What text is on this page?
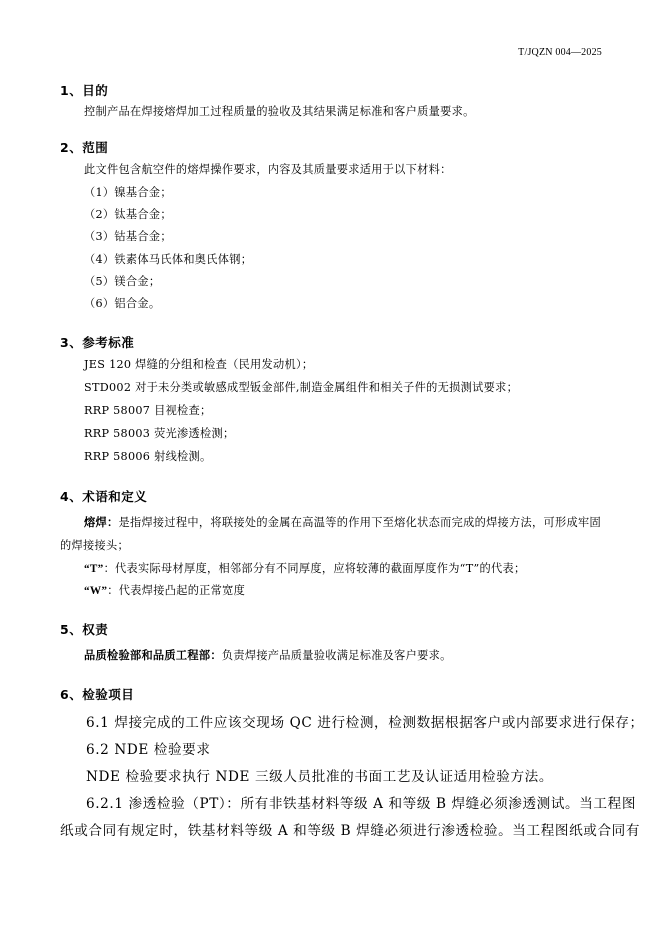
T/JQZN 004—2025
1、目的
控制产品在焊接熔焊加工过程质量的验收及其结果满足标准和客户质量要求。
2、范围
此文件包含航空件的熔焊操作要求，内容及其质量要求适用于以下材料：
（1）镍基合金；
（2）钛基合金；
（3）钴基合金；
（4）铁素体马氏体和奥氏体钢；
（5）镁合金；
（6）铝合金。
3、参考标准
JES 120 焊缝的分组和检查（民用发动机）；
STD002 对于未分类或敏感成型钣金部件,制造金属组件和相关子件的无损测试要求；
RRP 58007 目视检查；
RRP 58003 荧光渗透检测；
RRP 58006 射线检测。
4、术语和定义
熔焊：是指焊接过程中，将联接处的金属在高温等的作用下至熔化状态而完成的焊接方法，可形成牢固
的焊接接头；
“T”：代表实际母材厚度，相邻部分有不同厚度，应将较薄的截面厚度作为“T”的代表；
“W”：代表焊接凸起的正常宽度
5、权责
品质检验部和品质工程部：负责焊接产品质量验收满足标准及客户要求。
6、检验项目
6.1 焊接完成的工件应该交现场 QC 进行检测，检测数据根据客户或内部要求进行保存；
6.2 NDE 检验要求
NDE 检验要求执行 NDE 三级人员批准的书面工艺及认证适用检验方法。
6.2.1 渗透检验（PT）：所有非铁基材料等级 A 和等级 B 焊缝必须渗透测试。当工程图
纸或合同有规定时，铁基材料等级 A 和等级 B 焊缝必须进行渗透检验。当工程图纸或合同有
